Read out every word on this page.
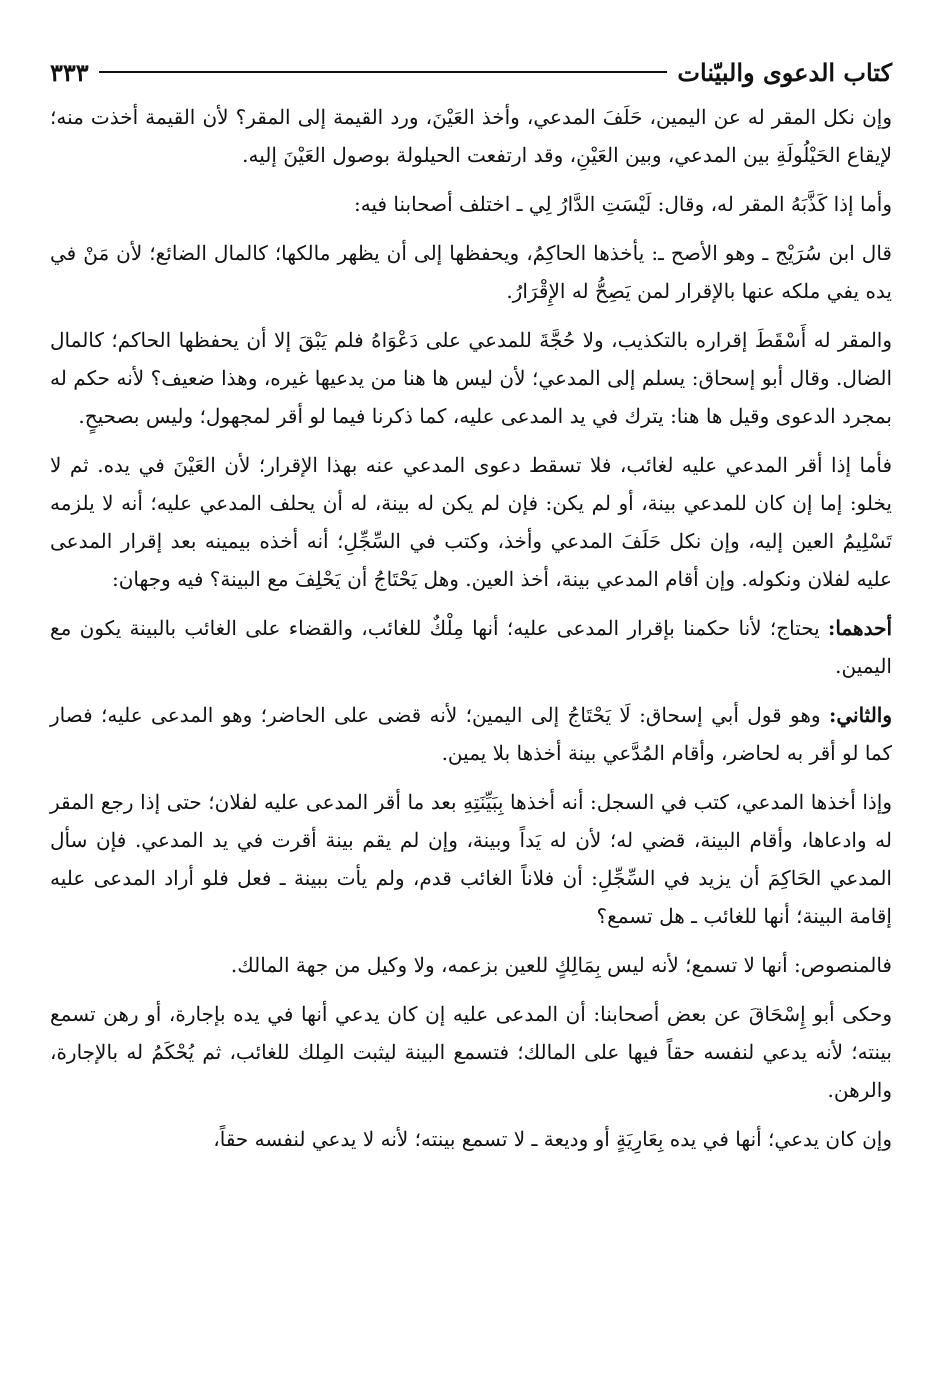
كتاب الدعوى والبيّنات
٣٣٣

وإن نكل المقر له عن اليمين، حَلَفَ المدعي، وأخذ العَيْنَ، ورد القيمة إلى المقر؟ لأن القيمة أخذت منه؛ لإيقاع الحَيْلُولَةِ بين المدعي، وبين العَيْنِ، وقد ارتفعت الحيلولة بوصول العَيْنَ إليه.

وأما إذا كَذَّبَهُ المقر له، وقال: لَيْسَتِ الدَّارُ لِي ـ اختلف أصحابنا فيه:

قال ابن سُرَيْج ـ وهو الأصح ـ: يأخذها الحاكِمُ، ويحفظها إلى أن يظهر مالكها؛ كالمال الضائع؛ لأن مَنْ في يده يفي ملكه عنها بالإقرار لمن يَصِحُّ له الإِقْرَارُ.

والمقر له أَسْقَطَ إقراره بالتكذيب، ولا حُجَّةَ للمدعي على دَعْوَاهُ فلم يَبْقَ إلا أن يحفظها الحاكم؛ كالمال الضال. وقال أبو إسحاق: يسلم إلى المدعي؛ لأن ليس ها هنا من يدعيها غيره، وهذا ضعيف؟ لأنه حكم له بمجرد الدعوى وقيل ها هنا: يترك في يد المدعى عليه، كما ذكرنا فيما لو أقر لمجهول؛ وليس بصحيحٍ.

فأما إذا أقر المدعي عليه لغائب، فلا تسقط دعوى المدعي عنه بهذا الإقرار؛ لأن العَيْنَ في يده. ثم لا يخلو: إما إن كان للمدعي بينة، أو لم يكن: فإن لم يكن له بينة، له أن يحلف المدعي عليه؛ أنه لا يلزمه تَسْلِيمُ العين إليه، وإن نكل حَلَفَ المدعي وأخذ، وكتب في السِّجِّلِ؛ أنه أخذه بيمينه بعد إقرار المدعى عليه لفلان ونكوله. وإن أقام المدعي بينة، أخذ العين. وهل يَحْتَاجُ أن يَحْلِفَ مع البينة؟ فيه وجهان:

أحدهما: يحتاج؛ لأنا حكمنا بإقرار المدعى عليه؛ أنها مِلْكٌ للغائب، والقضاء على الغائب بالبينة يكون مع اليمين.

والثاني: وهو قول أبي إسحاق: لَا يَحْتَاجُ إلى اليمين؛ لأنه قضى على الحاضر؛ وهو المدعى عليه؛ فصار كما لو أقر به لحاضر، وأقام المُدَّعي بينة أخذها بلا يمين.

وإذا أخذها المدعي، كتب في السجل: أنه أخذها بِبَيِّنَتِهِ بعد ما أقر المدعى عليه لفلان؛ حتى إذا رجع المقر له وادعاها، وأقام البينة، قضي له؛ لأن له يَداً وبينة، وإن لم يقم بينة أقرت في يد المدعي. فإن سأل المدعي الحَاكِمَ أن يزيد في السِّجِّلِ: أن فلاناً الغائب قدم، ولم يأت ببينة ـ فعل فلو أراد المدعى عليه إقامة البينة؛ أنها للغائب ـ هل تسمع؟

فالمنصوص: أنها لا تسمع؛ لأنه ليس بِمَالِكٍ للعين بزعمه، ولا وكيل من جهة المالك.

وحكى أبو إِسْحَاقَ عن بعض أصحابنا: أن المدعى عليه إن كان يدعي أنها في يده بإجارة، أو رهن تسمع بينته؛ لأنه يدعي لنفسه حقاً فيها على المالك؛ فتسمع البينة ليثبت المِلك للغائب، ثم يُحْكَمُ له بالإجارة، والرهن.

وإن كان يدعي؛ أنها في يده بِعَارِيَةٍ أو وديعة ـ لا تسمع بينته؛ لأنه لا يدعي لنفسه حقاً،
